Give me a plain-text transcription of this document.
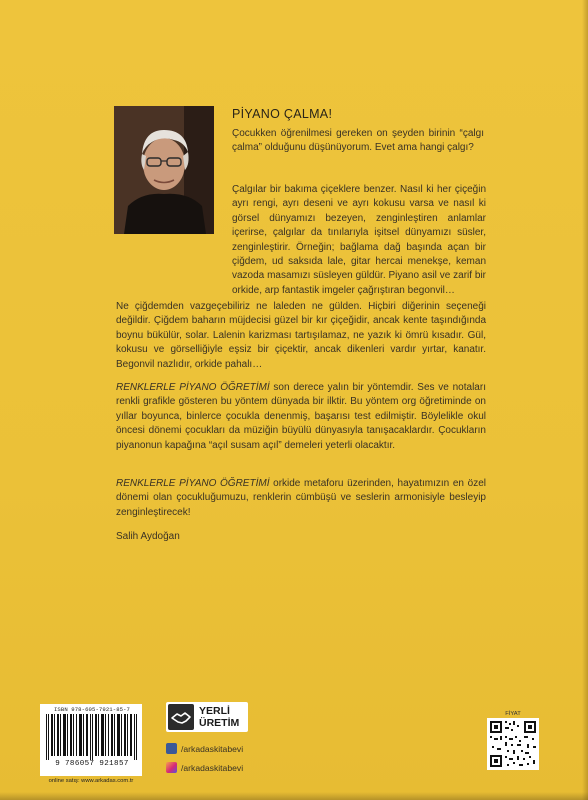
PİYANO ÇALMA!

Çocukken öğrenilmesi gereken on şeyden birinin “çalgı çalma” olduğunu düşünüyorum. Evet ama hangi çalgı?

Çalgılar bir bakıma çiçeklere benzer. Nasıl ki her çiçeğin ayrı rengi, ayrı deseni ve ayrı kokusu varsa ve nasıl ki görsel dünyamızı bezeyen, zenginleştiren anlamlar içerirse, çalgılar da tınılarıyla işitsel dünyamızı süsler, zenginleştirir. Örneğin; bağlama dağ başında açan bir çiğdem, ud saksıda lale, gitar hercai menekşe, keman vazoda masamızı süsleyen güldür. Piyano asil ve zarif bir orkide, arp fantastik imgeler çağrıştıran begonvil…

Ne çiğdemden vazgeçebiliriz ne laleden ne gülden. Hiçbiri diğerinin seçeneği değildir. Çiğdem baharın müjdecisi güzel bir kır çiçeğidir, ancak kente taşındığında boynu bükülür, solar. Lalenin karizması tartışılamaz, ne yazık ki ömrü kısadır. Gül, kokusu ve görselliğiyle eşsiz bir çiçektir, ancak dikenleri vardır yırtar, kanatır. Begonvil nazlıdır, orkide pahalı…

RENKLERLE PİYANO ÖĞRETİMİ son derece yalın bir yöntemdir. Ses ve notaları renkli grafikle gösteren bu yöntem dünyada bir ilktir. Bu yöntem org öğretiminde on yıllar boyunca, binlerce çocukla denenmiş, başarısı test edilmiştir. Böylelikle okul öncesi dönemi çocukları da müziğin büyülü dünyasıyla tanışacaklardır. Çocukların piyanonun kapağına “açıl susam açıl” demeleri yeterli olacaktır.

RENKLERLE PİYANO ÖĞRETİMİ orkide metaforu üzerinden, hayatımızın en özel dönemi olan çocukluğumuzu, renklerin cümbüşü ve seslerin armonisiyle besleyip zenginleştirecek!

Salih Aydoğan
ISBN 978-605-7921-85-7
9 786057 921857
online satış: www.arkadas.com.tr
YERLİ
ÜRETİM
/arkadaskitabevi
/arkadaskitabevi
FİYAT
